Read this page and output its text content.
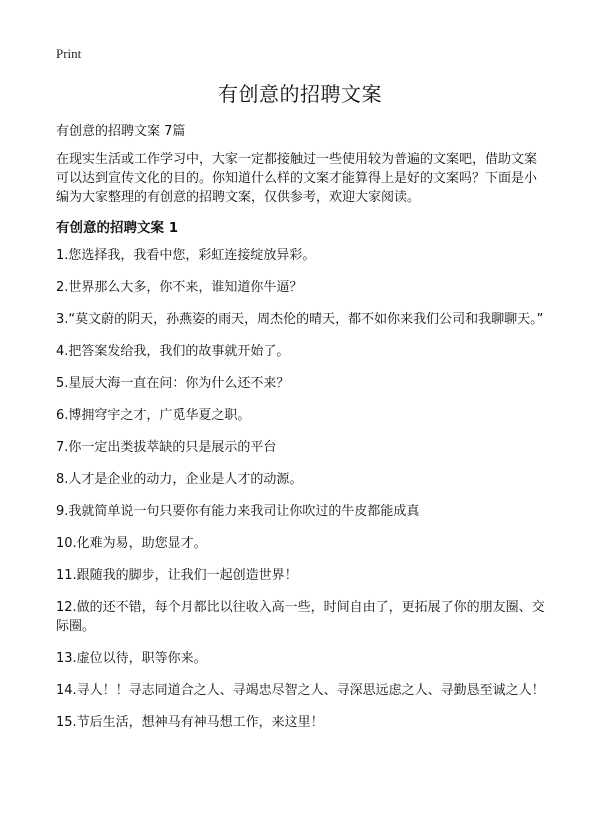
Print
有创意的招聘文案

有创意的招聘文案 7篇

在现实生活或工作学习中，大家一定都接触过一些使用较为普遍的文案吧，借助文案可以达到宣传文化的目的。你知道什么样的文案才能算得上是好的文案吗？下面是小编为大家整理的有创意的招聘文案，仅供参考，欢迎大家阅读。

有创意的招聘文案 1
1.您选择我，我看中您，彩虹连接绽放异彩。
2.世界那么大多，你不来，谁知道你牛逼？
3.“莫文蔚的阴天，孙燕姿的雨天，周杰伦的晴天，都不如你来我们公司和我聊聊天。”
4.把答案发给我，我们的故事就开始了。
5.星辰大海一直在问：你为什么还不来？
6.博拥穹宇之才，广觅华夏之职。
7.你一定出类拔萃缺的只是展示的平台
8.人才是企业的动力，企业是人才的动源。
9.我就简单说一句只要你有能力来我司让你吹过的牛皮都能成真
10.化难为易，助您显才。
11.跟随我的脚步，让我们一起创造世界！
12.做的还不错，每个月都比以往收入高一些，时间自由了，更拓展了你的朋友圈、交际圈。
13.虚位以待，职等你来。
14.寻人！！寻志同道合之人、寻竭忠尽智之人、寻深思远虑之人、寻勤恳至诚之人！
15.节后生活，想神马有神马想工作，来这里！
